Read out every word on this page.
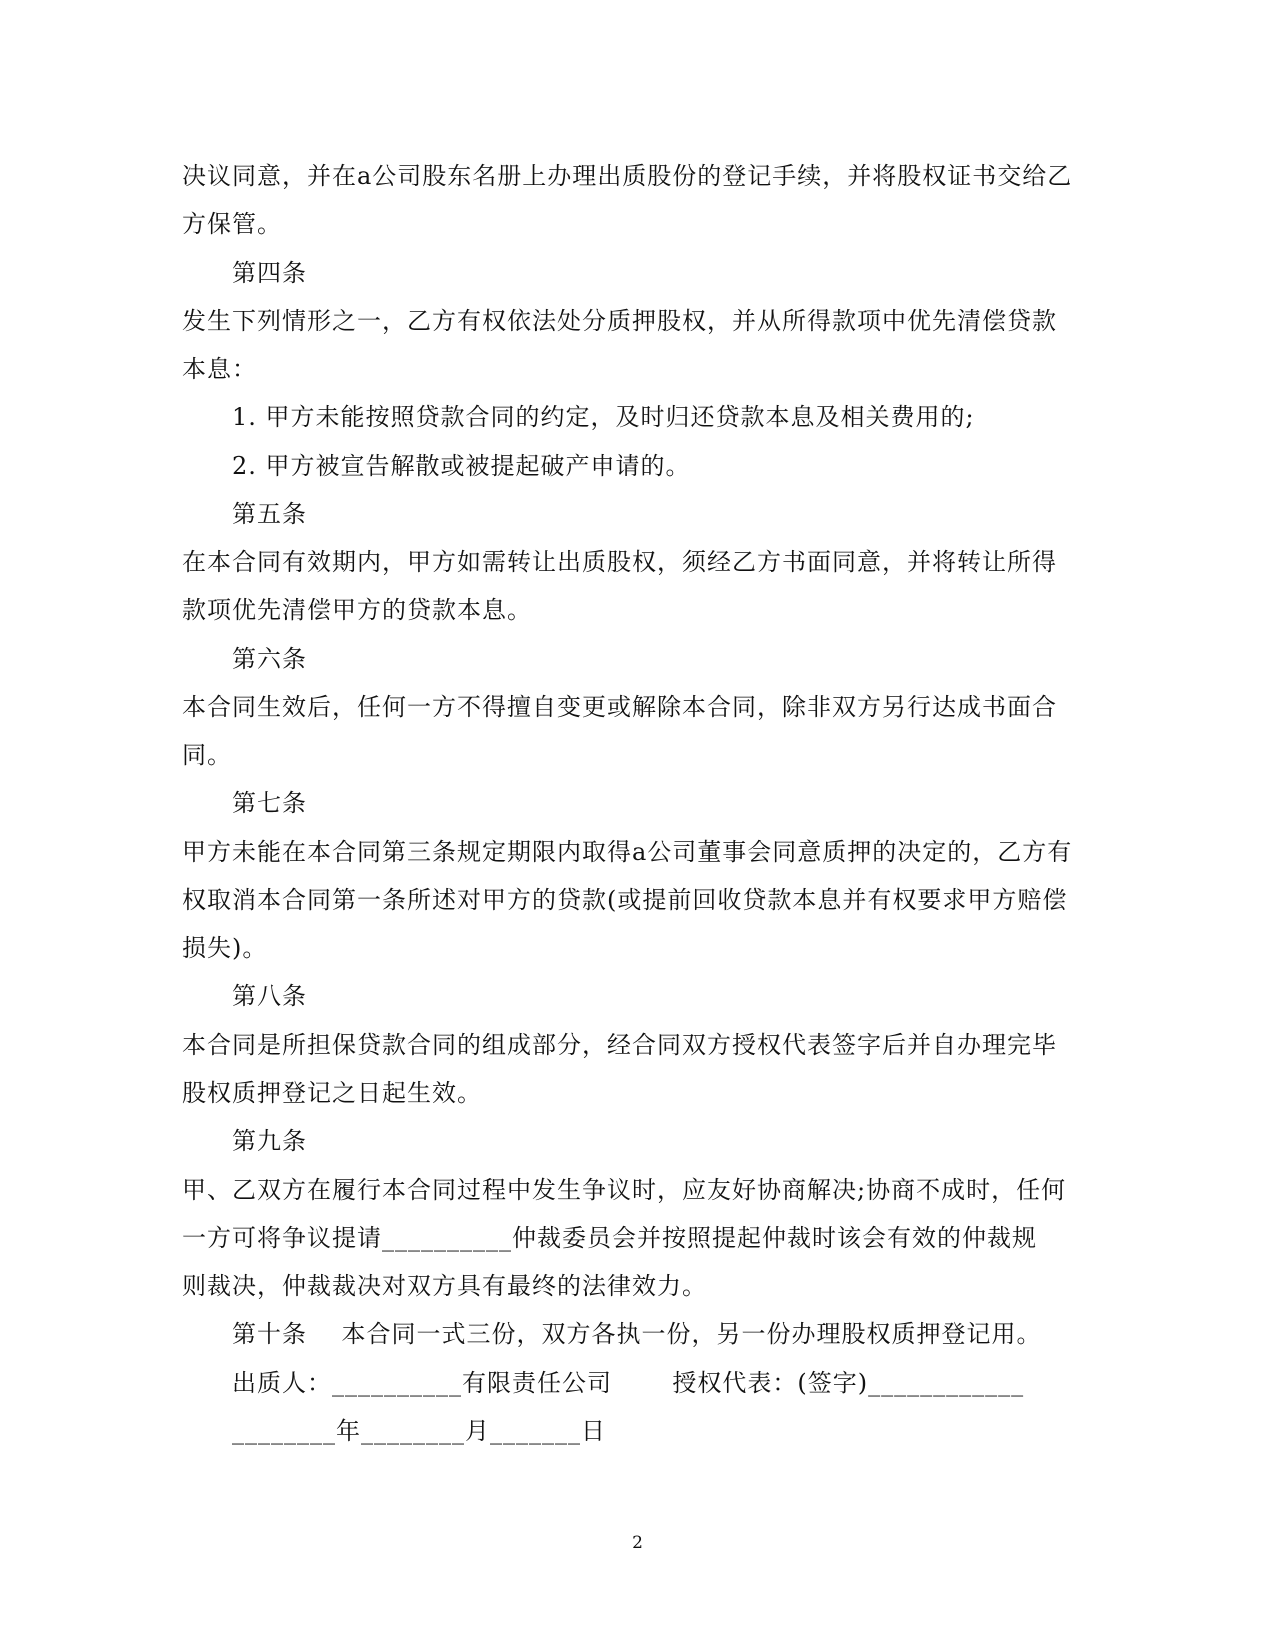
决议同意，并在a公司股东名册上办理出质股份的登记手续，并将股权证书交给乙
方保管。
第四条
发生下列情形之一，乙方有权依法处分质押股权，并从所得款项中优先清偿贷款
本息：
1. 甲方未能按照贷款合同的约定，及时归还贷款本息及相关费用的;
2. 甲方被宣告解散或被提起破产申请的。
第五条
在本合同有效期内，甲方如需转让出质股权，须经乙方书面同意，并将转让所得
款项优先清偿甲方的贷款本息。
第六条
本合同生效后，任何一方不得擅自变更或解除本合同，除非双方另行达成书面合
同。
第七条
甲方未能在本合同第三条规定期限内取得a公司董事会同意质押的决定的，乙方有
权取消本合同第一条所述对甲方的贷款(或提前回收贷款本息并有权要求甲方赔偿
损失)。
第八条
本合同是所担保贷款合同的组成部分，经合同双方授权代表签字后并自办理完毕
股权质押登记之日起生效。
第九条
甲、乙双方在履行本合同过程中发生争议时，应友好协商解决;协商不成时，任何
一方可将争议提请__________仲裁委员会并按照提起仲裁时该会有效的仲裁规
则裁决，仲裁裁决对双方具有最终的法律效力。
第十条    本合同一式三份，双方各执一份，另一份办理股权质押登记用。
出质人：__________有限责任公司       授权代表：(签字)____________
________年________月_______日
2
